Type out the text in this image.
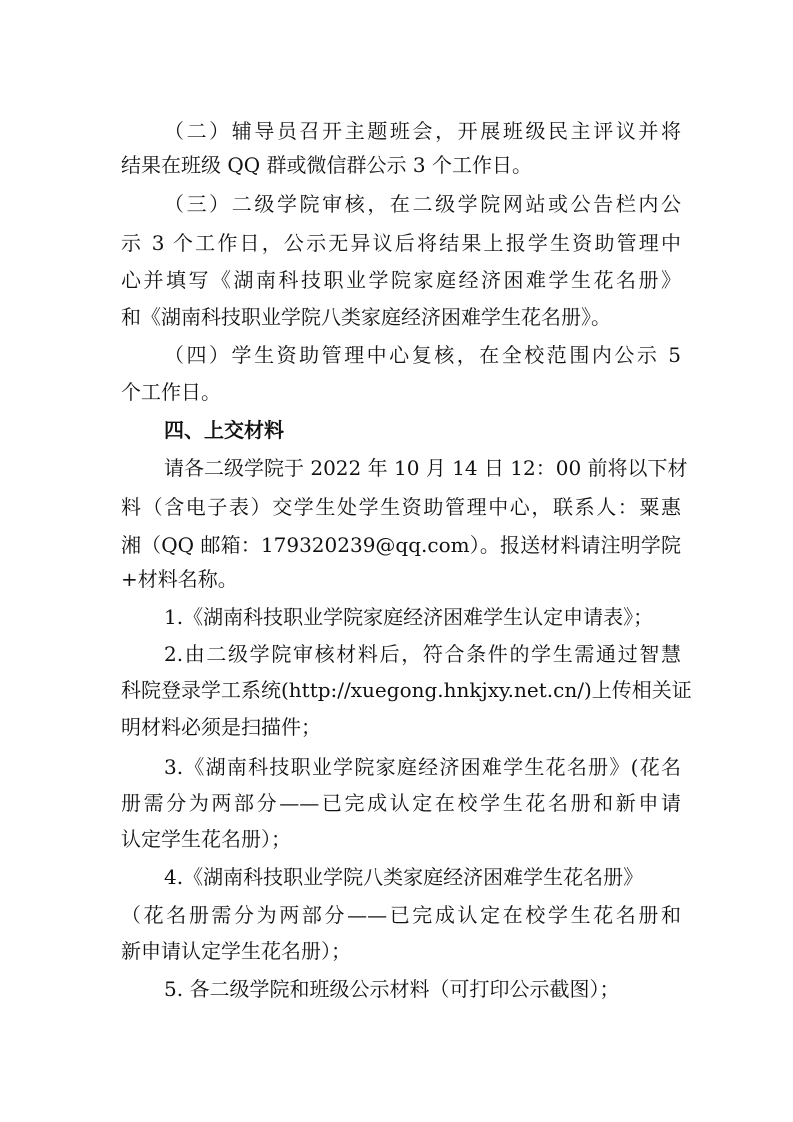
（二）辅导员召开主题班会，开展班级民主评议并将
结果在班级 QQ 群或微信群公示 3 个工作日。
（三）二级学院审核，在二级学院网站或公告栏内公
示 3 个工作日，公示无异议后将结果上报学生资助管理中
心并填写《湖南科技职业学院家庭经济困难学生花名册》
和《湖南科技职业学院八类家庭经济困难学生花名册》。
（四）学生资助管理中心复核，在全校范围内公示 5
个工作日。
四、上交材料
请各二级学院于 2022 年 10 月 14 日 12：00 前将以下材
料（含电子表）交学生处学生资助管理中心，联系人：粟惠
湘（QQ 邮箱：179320239@qq.com）。报送材料请注明学院
+材料名称。
1.《湖南科技职业学院家庭经济困难学生认定申请表》；
2.由二级学院审核材料后，符合条件的学生需通过智慧
科院登录学工系统(http://xuegong.hnkjxy.net.cn/)上传相关证
明材料必须是扫描件；
3.《湖南科技职业学院家庭经济困难学生花名册》(花名
册需分为两部分——已完成认定在校学生花名册和新申请
认定学生花名册）；
4.《湖南科技职业学院八类家庭经济困难学生花名册》
（花名册需分为两部分——已完成认定在校学生花名册和
新申请认定学生花名册）；
5. 各二级学院和班级公示材料（可打印公示截图）；
